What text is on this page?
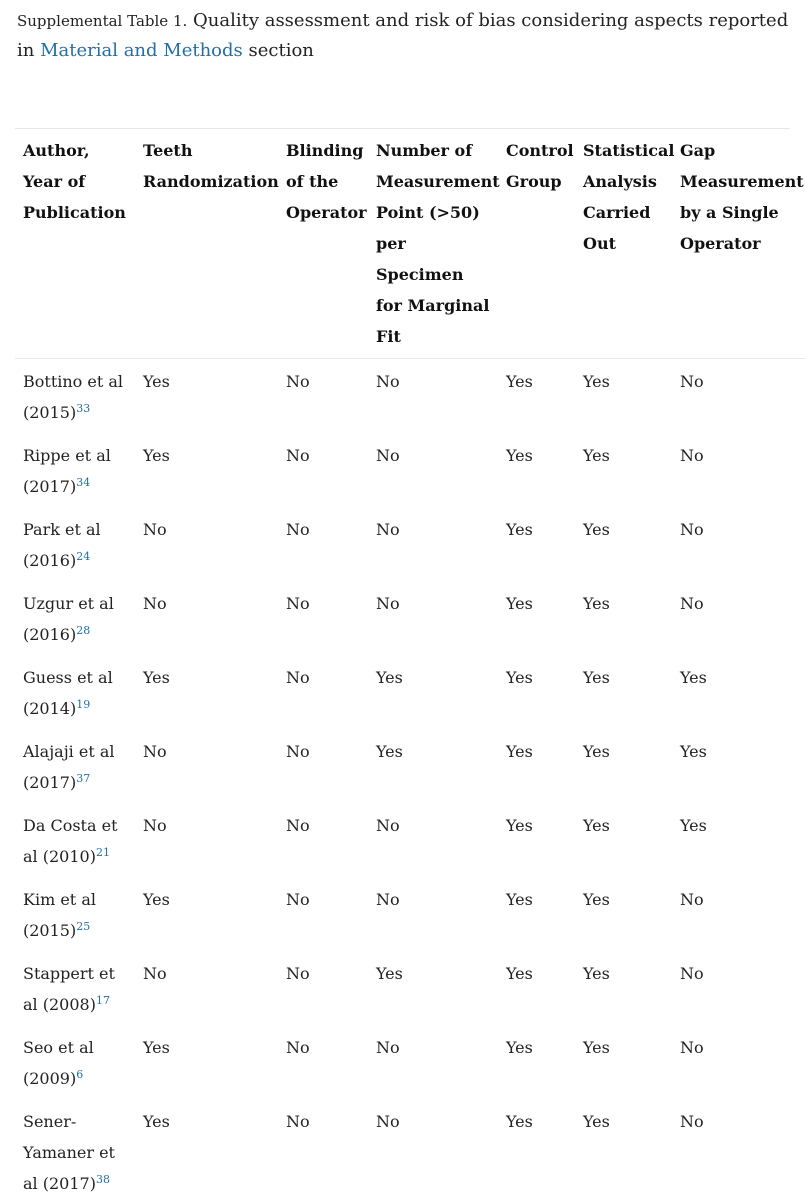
Supplemental Table 1. Quality assessment and risk of bias considering aspects reported in Material and Methods section
Author, Year of Publication	Teeth Randomization	Blinding of the Operator	Number of Measurement Point (>50) per Specimen for Marginal Fit	Control Group	Statistical Analysis Carried Out	Gap Measurement by a Single Operator
Bottino et al (2015)$^{33}$	Yes	No	No	Yes	Yes	No
Rippe et al (2017)$^{34}$	Yes	No	No	Yes	Yes	No
Park et al (2016)$^{24}$	No	No	No	Yes	Yes	No
Uzgur et al (2016)$^{28}$	No	No	No	Yes	Yes	No
Guess et al (2014)$^{19}$	Yes	No	Yes	Yes	Yes	Yes
Alajaji et al (2017)$^{37}$	No	No	Yes	Yes	Yes	Yes
Da Costa et al (2010)$^{21}$	No	No	No	Yes	Yes	Yes
Kim et al (2015)$^{25}$	Yes	No	No	Yes	Yes	No
Stappert et al (2008)$^{17}$	No	No	Yes	Yes	Yes	No
Seo et al (2009)$^6$	Yes	No	No	Yes	Yes	No
Sener-Yamaner et al (2017)$^{38}$	Yes	No	No	Yes	Yes	No
